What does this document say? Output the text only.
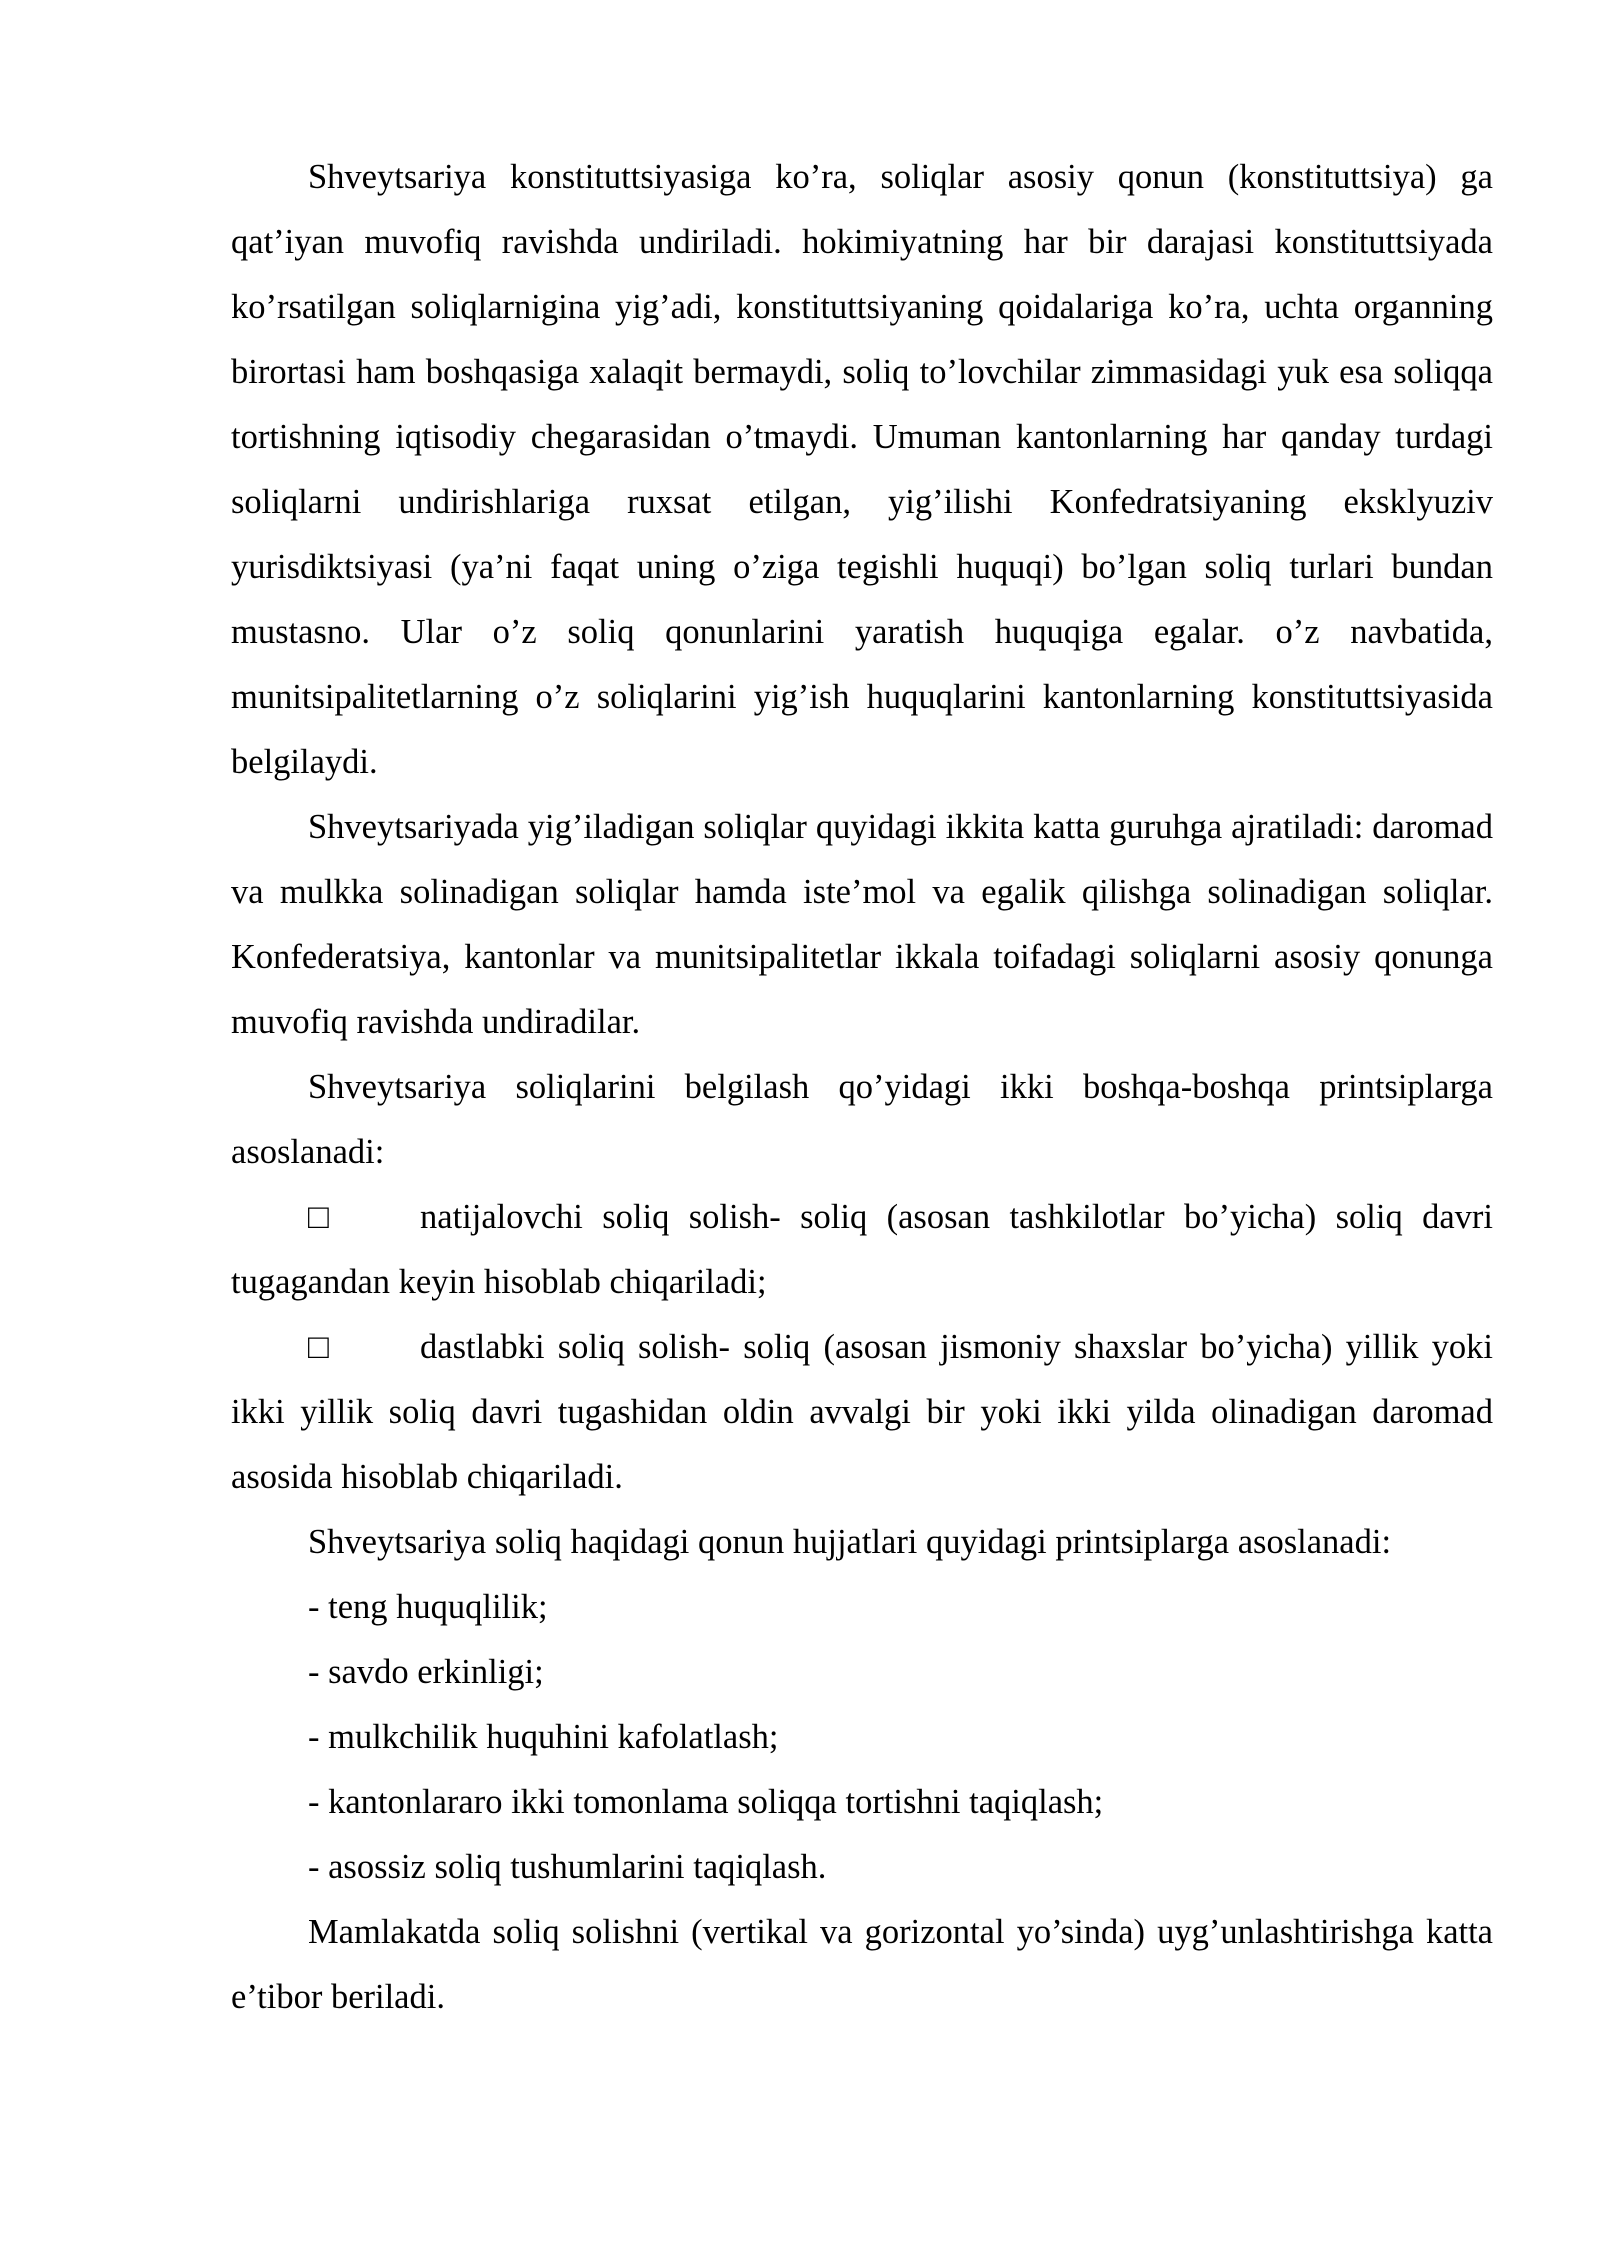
Shveytsariya konstituttsiyasiga ko’ra, soliqlar asosiy qonun (konstituttsiya) ga qat’iyan muvofiq ravishda undiriladi. hokimiyatning har bir darajasi konstituttsiyada ko’rsatilgan soliqlarnigina yig’adi, konstituttsiyaning qoidalariga ko’ra, uchta organning birortasi ham boshqasiga xalaqit bermaydi, soliq to’lovchilar zimmasidagi yuk esa soliqqa tortishning iqtisodiy chegarasidan o’tmaydi. Umuman kantonlarning har qanday turdagi soliqlarni undirishlariga ruxsat etilgan, yig’ilishi Konfedratsiyaning eksklyuziv yurisdiktsiyasi (ya’ni faqat uning o’ziga tegishli huquqi) bo’lgan soliq turlari bundan mustasno. Ular o’z soliq qonunlarini yaratish huquqiga egalar. o’z navbatida, munitsipalitetlarning o’z soliqlarini yig’ish huquqlarini kantonlarning konstituttsiyasida belgilaydi.

Shveytsariyada yig’iladigan soliqlar quyidagi ikkita katta guruhga ajratiladi: daromad va mulkka solinadigan soliqlar hamda iste’mol va egalik qilishga solinadigan soliqlar. Konfederatsiya, kantonlar va munitsipalitetlar ikkala toifadagi soliqlarni asosiy qonunga muvofiq ravishda undiradilar.

Shveytsariya soliqlarini belgilash qo’yidagi ikki boshqa-boshqa printsiplarga asoslanadi:

□	natijalovchi soliq solish- soliq (asosan tashkilotlar bo’yicha) soliq davri tugagandan keyin hisoblab chiqariladi;

□	dastlabki soliq solish- soliq (asosan jismoniy shaxslar bo’yicha) yillik yoki ikki yillik soliq davri tugashidan oldin avvalgi bir yoki ikki yilda olinadigan daromad asosida hisoblab chiqariladi.

Shveytsariya soliq haqidagi qonun hujjatlari quyidagi printsiplarga asoslanadi:

- teng huquqlilik;

- savdo erkinligi;

- mulkchilik huquhini kafolatlash;

- kantonlararo ikki tomonlama soliqqa tortishni taqiqlash;

- asossiz soliq tushumlarini taqiqlash.

Mamlakatda soliq solishni (vertikal va gorizontal yo’sinda) uyg’unlashtirishga katta e’tibor beriladi.
